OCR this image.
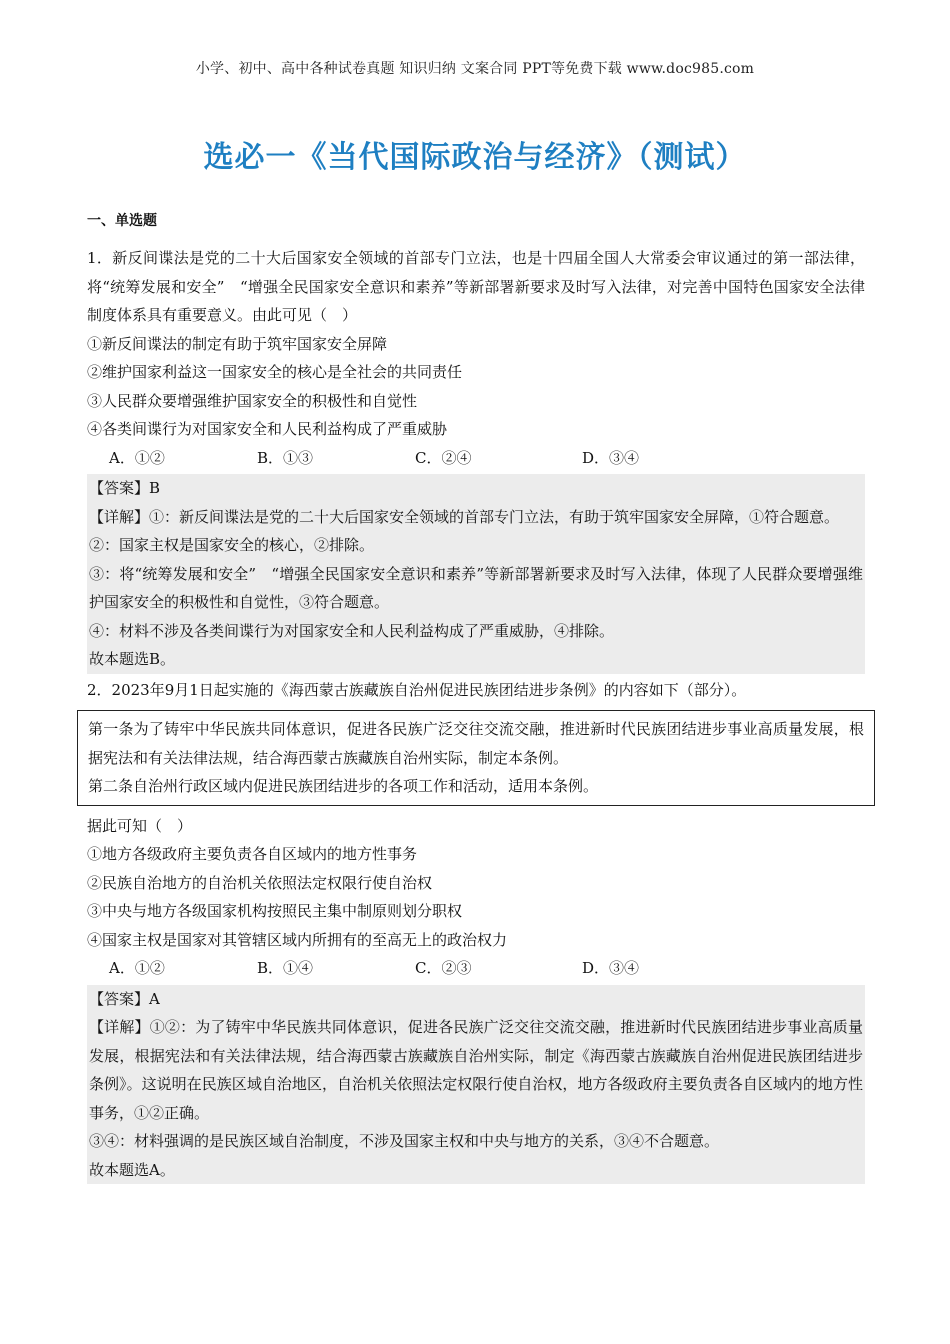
小学、初中、高中各种试卷真题 知识归纳 文案合同 PPT等免费下载 www.doc985.com
选必一《当代国际政治与经济》（测试）
一、单选题

1．新反间谍法是党的二十大后国家安全领域的首部专门立法，也是十四届全国人大常委会审议通过的第一部法律，将“统筹发展和安全”　“增强全民国家安全意识和素养”等新部署新要求及时写入法律，对完善中国特色国家安全法律制度体系具有重要意义。由此可见（　）

①新反间谍法的制定有助于筑牢国家安全屏障

②维护国家利益这一国家安全的核心是全社会的共同责任

③人民群众要增强维护国家安全的积极性和自觉性

④各类间谍行为对国家安全和人民利益构成了严重威胁

A．①②	B．①③	C．②④	D．③④

【答案】B

【详解】①：新反间谍法是党的二十大后国家安全领域的首部专门立法，有助于筑牢国家安全屏障，①符合题意。

②：国家主权是国家安全的核心，②排除。

③：将“统筹发展和安全”　“增强全民国家安全意识和素养”等新部署新要求及时写入法律，体现了人民群众要增强维护国家安全的积极性和自觉性，③符合题意。

④：材料不涉及各类间谍行为对国家安全和人民利益构成了严重威胁，④排除。

故本题选B。

2．2023年9月1日起实施的《海西蒙古族藏族自治州促进民族团结进步条例》的内容如下（部分）。

第一条为了铸牢中华民族共同体意识，促进各民族广泛交往交流交融，推进新时代民族团结进步事业高质量发展，根据宪法和有关法律法规，结合海西蒙古族藏族自治州实际，制定本条例。

第二条自治州行政区域内促进民族团结进步的各项工作和活动，适用本条例。

据此可知（　）

①地方各级政府主要负责各自区域内的地方性事务

②民族自治地方的自治机关依照法定权限行使自治权

③中央与地方各级国家机构按照民主集中制原则划分职权

④国家主权是国家对其管辖区域内所拥有的至高无上的政治权力

A．①②	B．①④	C．②③	D．③④

【答案】A

【详解】①②：为了铸牢中华民族共同体意识，促进各民族广泛交往交流交融，推进新时代民族团结进步事业高质量发展，根据宪法和有关法律法规，结合海西蒙古族藏族自治州实际，制定《海西蒙古族藏族自治州促进民族团结进步条例》。这说明在民族区域自治地区，自治机关依照法定权限行使自治权，地方各级政府主要负责各自区域内的地方性事务，①②正确。

③④：材料强调的是民族区域自治制度，不涉及国家主权和中央与地方的关系，③④不合题意。

故本题选A。
